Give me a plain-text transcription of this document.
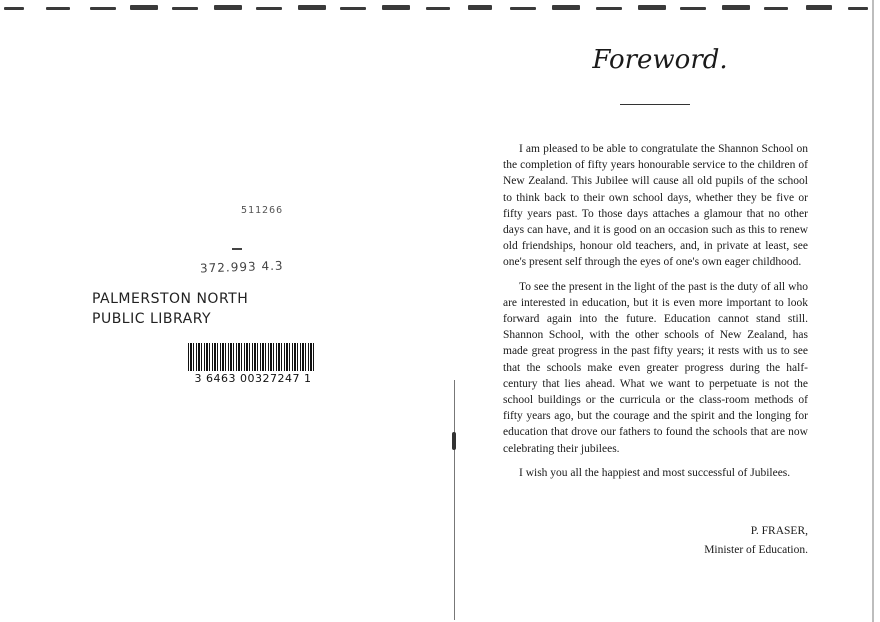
511266
372.993 4.3
PALMERSTON NORTH
PUBLIC LIBRARY
3 6463 00327247 1
Foreword.

I am pleased to be able to congratulate the Shannon School on the completion of fifty years honourable service to the children of New Zealand. This Jubilee will cause all old pupils of the school to think back to their own school days, whether they be five or fifty years past. To those days attaches a glamour that no other days can have, and it is good on an occasion such as this to renew old friendships, honour old teachers, and, in private at least, see one's present self through the eyes of one's own eager childhood.

To see the present in the light of the past is the duty of all who are interested in education, but it is even more important to look forward again into the future. Education cannot stand still. Shannon School, with the other schools of New Zealand, has made great progress in the past fifty years; it rests with us to see that the schools make even greater progress during the half-century that lies ahead. What we want to perpetuate is not the school buildings or the curricula or the class-room methods of fifty years ago, but the courage and the spirit and the longing for education that drove our fathers to found the schools that are now celebrating their jubilees.

I wish you all the happiest and most successful of Jubilees.

P. FRASER,
Minister of Education.
